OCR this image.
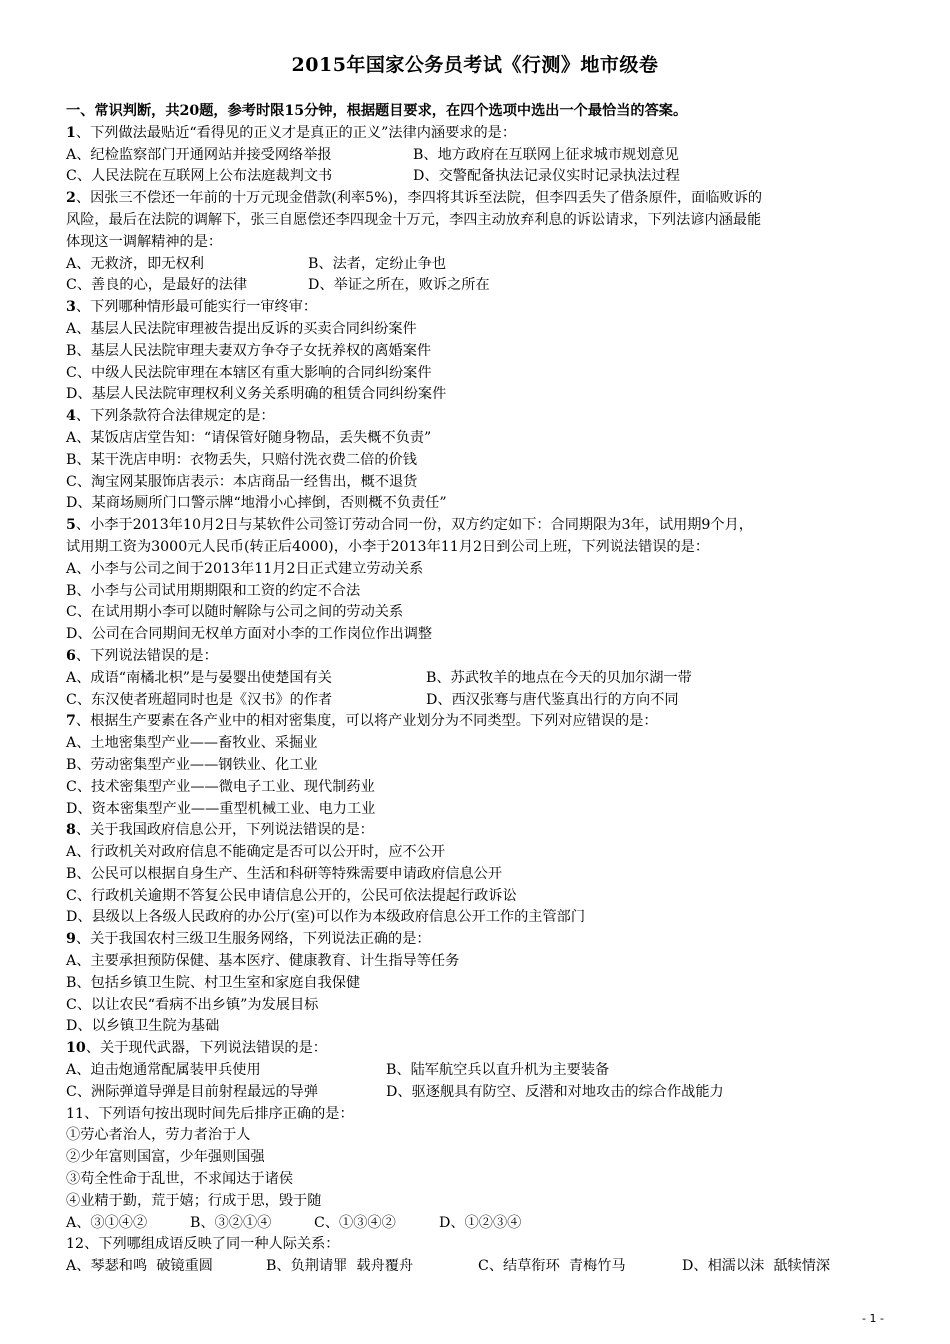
2015年国家公务员考试《行测》地市级卷
一、常识判断，共20题，参考时限15分钟，根据题目要求，在四个选项中选出一个最恰当的答案。
1、下列做法最贴近“看得见的正义才是真正的正义”法律内涵要求的是：
A、纪检监察部门开通网站并接受网络举报	B、地方政府在互联网上征求城市规划意见
C、人民法院在互联网上公布法庭裁判文书	D、交警配备执法记录仪实时记录执法过程
2、因张三不偿还一年前的十万元现金借款(利率5%)，李四将其诉至法院，但李四丢失了借条原件，面临败诉的
风险，最后在法院的调解下，张三自愿偿还李四现金十万元，李四主动放弃利息的诉讼请求，下列法谚内涵最能
体现这一调解精神的是：
A、无救济，即无权利	B、法者，定纷止争也
C、善良的心，是最好的法律	D、举证之所在，败诉之所在
3、下列哪种情形最可能实行一审终审：
A、基层人民法院审理被告提出反诉的买卖合同纠纷案件
B、基层人民法院审理夫妻双方争夺子女抚养权的离婚案件
C、中级人民法院审理在本辖区有重大影响的合同纠纷案件
D、基层人民法院审理权利义务关系明确的租赁合同纠纷案件
4、下列条款符合法律规定的是：
A、某饭店店堂告知：“请保管好随身物品，丢失概不负责”
B、某干洗店申明：衣物丢失，只赔付洗衣费二倍的价钱
C、淘宝网某服饰店表示：本店商品一经售出，概不退货
D、某商场厕所门口警示牌“地滑小心摔倒，否则概不负责任”
5、小李于2013年10月2日与某软件公司签订劳动合同一份，双方约定如下：合同期限为3年，试用期9个月，
试用期工资为3000元人民币(转正后4000)，小李于2013年11月2日到公司上班，下列说法错误的是：
A、小李与公司之间于2013年11月2日正式建立劳动关系
B、小李与公司试用期期限和工资的约定不合法
C、在试用期小李可以随时解除与公司之间的劳动关系
D、公司在合同期间无权单方面对小李的工作岗位作出调整
6、下列说法错误的是：
A、成语“南橘北枳”是与晏婴出使楚国有关	B、苏武牧羊的地点在今天的贝加尔湖一带
C、东汉使者班超同时也是《汉书》的作者	D、西汉张骞与唐代鉴真出行的方向不同
7、根据生产要素在各产业中的相对密集度，可以将产业划分为不同类型。下列对应错误的是：
A、土地密集型产业——畜牧业、采掘业
B、劳动密集型产业——钢铁业、化工业
C、技术密集型产业——微电子工业、现代制药业
D、资本密集型产业——重型机械工业、电力工业
8、关于我国政府信息公开，下列说法错误的是：
A、行政机关对政府信息不能确定是否可以公开时，应不公开
B、公民可以根据自身生产、生活和科研等特殊需要申请政府信息公开
C、行政机关逾期不答复公民申请信息公开的，公民可依法提起行政诉讼
D、县级以上各级人民政府的办公厅(室)可以作为本级政府信息公开工作的主管部门
9、关于我国农村三级卫生服务网络，下列说法正确的是：
A、主要承担预防保健、基本医疗、健康教育、计生指导等任务
B、包括乡镇卫生院、村卫生室和家庭自我保健
C、以让农民“看病不出乡镇”为发展目标
D、以乡镇卫生院为基础
10、关于现代武器，下列说法错误的是：
A、迫击炮通常配属装甲兵使用	B、陆军航空兵以直升机为主要装备
C、洲际弹道导弹是目前射程最远的导弹	D、驱逐舰具有防空、反潜和对地攻击的综合作战能力
11、下列语句按出现时间先后排序正确的是：
①劳心者治人，劳力者治于人
②少年富则国富，少年强则国强
③苟全性命于乱世，不求闻达于诸侯
④业精于勤，荒于嬉；行成于思，毁于随
A、③①④②	B、③②①④	C、①③④②	D、①②③④
12、下列哪组成语反映了同一种人际关系：
A、琴瑟和鸣  破镜重圆	B、负荆请罪  载舟覆舟	C、结草衔环  青梅竹马	D、相濡以沫  舐犊情深
- 1 -
